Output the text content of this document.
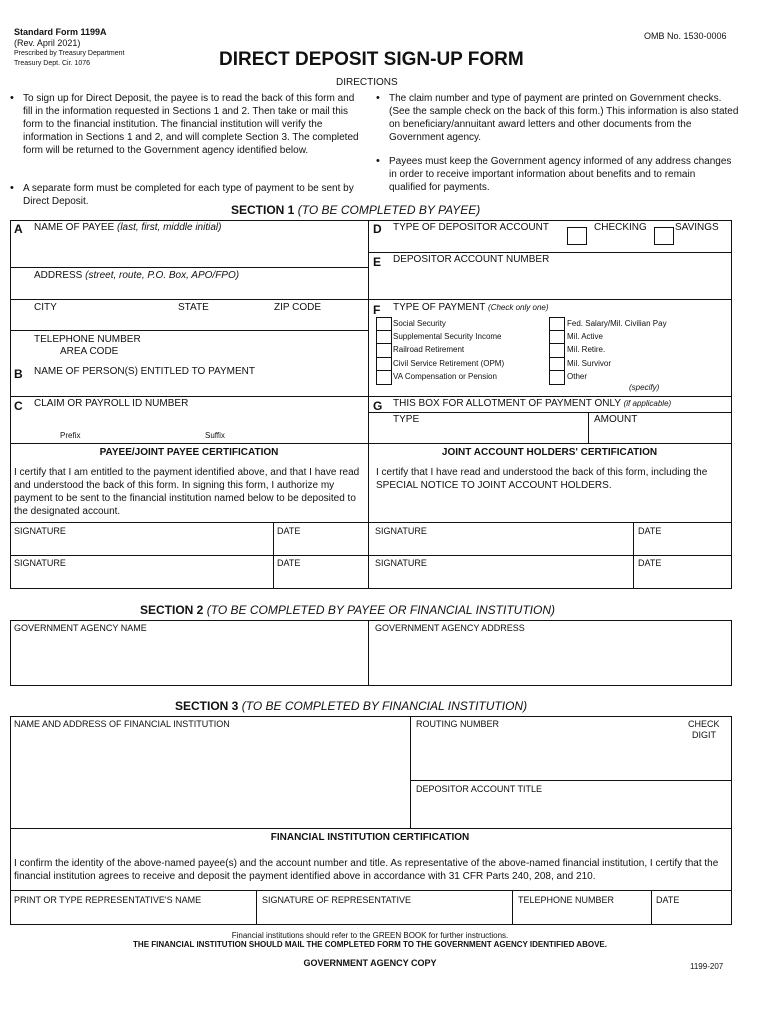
Standard Form 1199A
(Rev. April 2021)
Prescribed by Treasury Department
Treasury Dept. Cir. 1076
OMB No. 1530-0006
DIRECT DEPOSIT SIGN-UP FORM
DIRECTIONS
• To sign up for Direct Deposit, the payee is to read the back of this form and fill in the information requested in Sections 1 and 2. Then take or mail this form to the financial institution. The financial institution will verify the information in Sections 1 and 2, and will complete Section 3. The completed form will be returned to the Government agency identified below.
• A separate form must be completed for each type of payment to be sent by Direct Deposit.
• The claim number and type of payment are printed on Government checks. (See the sample check on the back of this form.) This information is also stated on beneficiary/annuitant award letters and other documents from the Government agency.
• Payees must keep the Government agency informed of any address changes in order to receive important information about benefits and to remain qualified for payments.
SECTION 1 (TO BE COMPLETED BY PAYEE)
A NAME OF PAYEE (last, first, middle initial)
ADDRESS (street, route, P.O. Box, APO/FPO)
CITY	STATE	ZIP CODE
TELEPHONE NUMBER
AREA CODE
B NAME OF PERSON(S) ENTITLED TO PAYMENT
C CLAIM OR PAYROLL ID NUMBER
Prefix	Suffix
D TYPE OF DEPOSITOR ACCOUNT	CHECKING	SAVINGS
E DEPOSITOR ACCOUNT NUMBER
F TYPE OF PAYMENT (Check only one)
Social Security
Supplemental Security Income
Railroad Retirement
Civil Service Retirement (OPM)
VA Compensation or Pension
Fed. Salary/Mil. Civilian Pay
Mil. Active
Mil. Retire.
Mil. Survivor
Other
(specify)
G THIS BOX FOR ALLOTMENT OF PAYMENT ONLY (if applicable)
TYPE	AMOUNT
PAYEE/JOINT PAYEE CERTIFICATION
I certify that I am entitled to the payment identified above, and that I have read and understood the back of this form. In signing this form, I authorize my payment to be sent to the financial institution named below to be deposited to the designated account.
JOINT ACCOUNT HOLDERS' CERTIFICATION
I certify that I have read and understood the back of this form, including the SPECIAL NOTICE TO JOINT ACCOUNT HOLDERS.
SIGNATURE	DATE	SIGNATURE	DATE
SIGNATURE	DATE	SIGNATURE	DATE
SECTION 2 (TO BE COMPLETED BY PAYEE OR FINANCIAL INSTITUTION)
GOVERNMENT AGENCY NAME	GOVERNMENT AGENCY ADDRESS
SECTION 3 (TO BE COMPLETED BY FINANCIAL INSTITUTION)
NAME AND ADDRESS OF FINANCIAL INSTITUTION	ROUTING NUMBER	CHECK
DIGIT
DEPOSITOR ACCOUNT TITLE
FINANCIAL INSTITUTION CERTIFICATION
I confirm the identity of the above-named payee(s) and the account number and title. As representative of the above-named financial institution, I certify that the financial institution agrees to receive and deposit the payment identified above in accordance with 31 CFR Parts 240, 208, and 210.
PRINT OR TYPE REPRESENTATIVE'S NAME	SIGNATURE OF REPRESENTATIVE	TELEPHONE NUMBER	DATE
Financial institutions should refer to the GREEN BOOK for further instructions.
THE FINANCIAL INSTITUTION SHOULD MAIL THE COMPLETED FORM TO THE GOVERNMENT AGENCY IDENTIFIED ABOVE.
GOVERNMENT AGENCY COPY	1199-207
